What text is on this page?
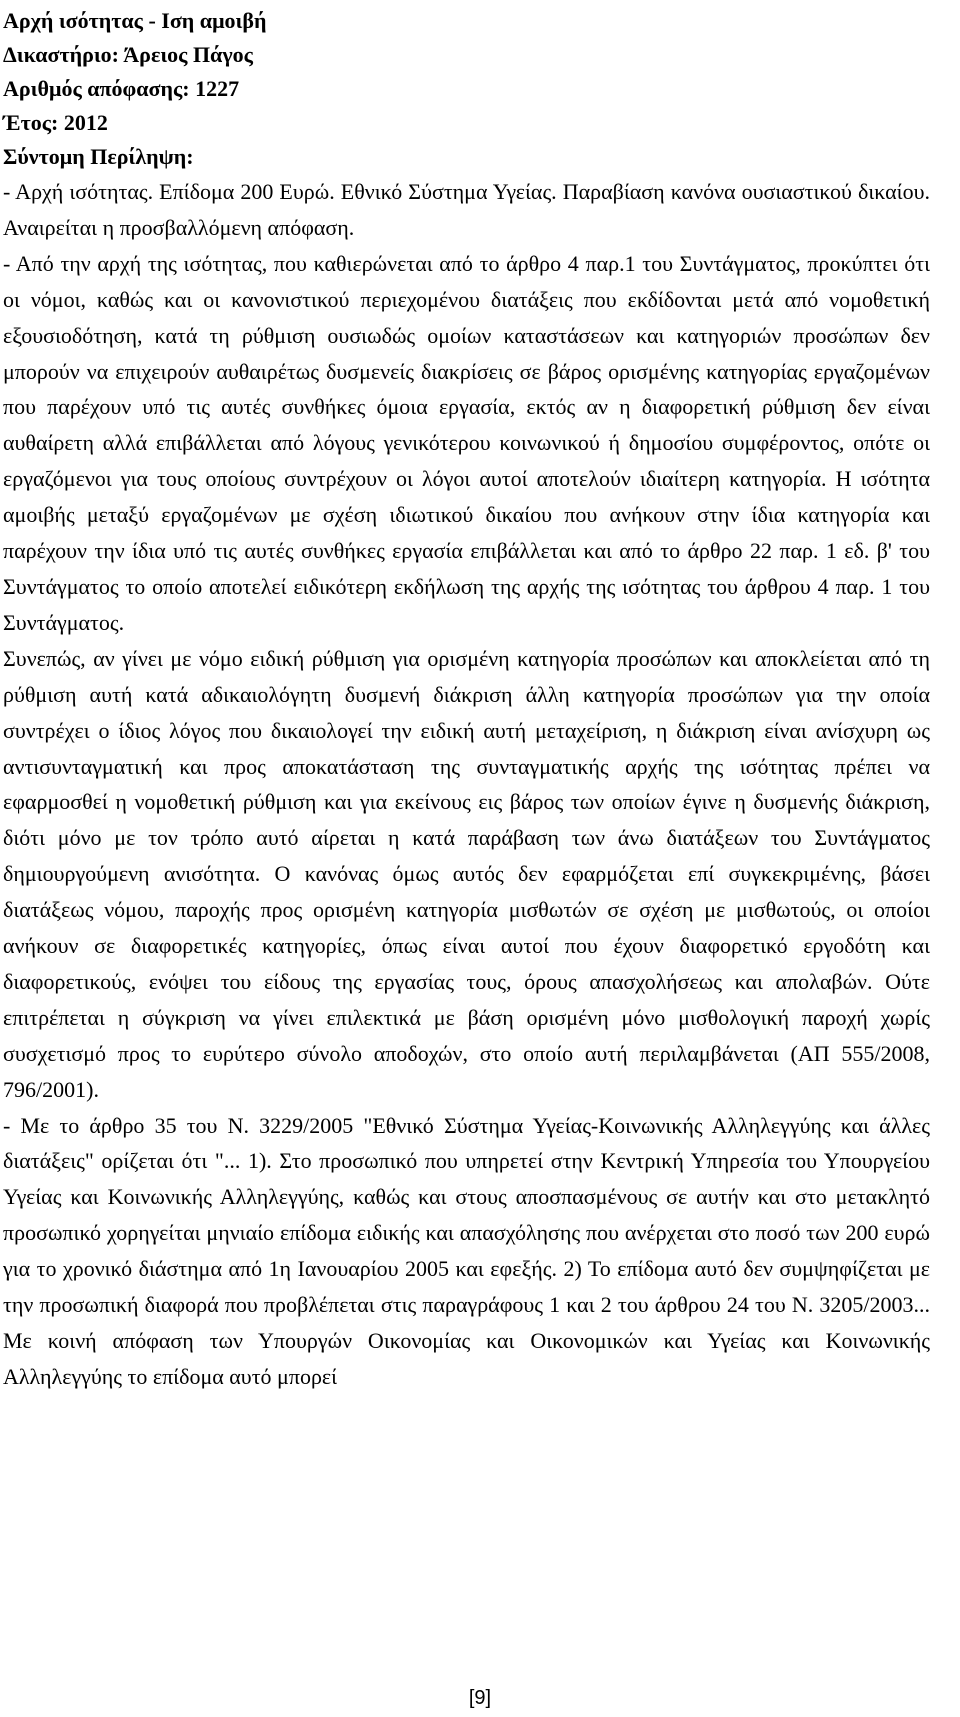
Αρχή ισότητας - Ιση αμοιβή
Δικαστήριο: Άρειος Πάγος
Αριθμός απόφασης: 1227
Έτος: 2012
Σύντομη Περίληψη:

- Αρχή ισότητας. Επίδομα 200 Ευρώ. Εθνικό Σύστημα Υγείας. Παραβίαση κανόνα ουσιαστικού δικαίου. Αναιρείται η προσβαλλόμενη απόφαση.

- Από την αρχή της ισότητας, που καθιερώνεται από το άρθρο 4 παρ.1 του Συντάγματος, προκύπτει ότι οι νόμοι, καθώς και οι κανονιστικού περιεχομένου διατάξεις που εκδίδονται μετά από νομοθετική εξουσιοδότηση, κατά τη ρύθμιση ουσιωδώς ομοίων καταστάσεων και κατηγοριών προσώπων δεν μπορούν να επιχειρούν αυθαιρέτως δυσμενείς διακρίσεις σε βάρος ορισμένης κατηγορίας εργαζομένων που παρέχουν υπό τις αυτές συνθήκες όμοια εργασία, εκτός αν η διαφορετική ρύθμιση δεν είναι αυθαίρετη αλλά επιβάλλεται από λόγους γενικότερου κοινωνικού ή δημοσίου συμφέροντος, οπότε οι εργαζόμενοι για τους οποίους συντρέχουν οι λόγοι αυτοί αποτελούν ιδιαίτερη κατηγορία. Η ισότητα αμοιβής μεταξύ εργαζομένων με σχέση ιδιωτικού δικαίου που ανήκουν στην ίδια κατηγορία και παρέχουν την ίδια υπό τις αυτές συνθήκες εργασία επιβάλλεται και από το άρθρο 22 παρ. 1 εδ. β' του Συντάγματος το οποίο αποτελεί ειδικότερη εκδήλωση της αρχής της ισότητας του άρθρου 4 παρ. 1 του Συντάγματος.

Συνεπώς, αν γίνει με νόμο ειδική ρύθμιση για ορισμένη κατηγορία προσώπων και αποκλείεται από τη ρύθμιση αυτή κατά αδικαιολόγητη δυσμενή διάκριση άλλη κατηγορία προσώπων για την οποία συντρέχει ο ίδιος λόγος που δικαιολογεί την ειδική αυτή μεταχείριση, η διάκριση είναι ανίσχυρη ως αντισυνταγματική και προς αποκατάσταση της συνταγματικής αρχής της ισότητας πρέπει να εφαρμοσθεί η νομοθετική ρύθμιση και για εκείνους εις βάρος των οποίων έγινε η δυσμενής διάκριση, διότι μόνο με τον τρόπο αυτό αίρεται η κατά παράβαση των άνω διατάξεων του Συντάγματος δημιουργούμενη ανισότητα. Ο κανόνας όμως αυτός δεν εφαρμόζεται επί συγκεκριμένης, βάσει διατάξεως νόμου, παροχής προς ορισμένη κατηγορία μισθωτών σε σχέση με μισθωτούς, οι οποίοι ανήκουν σε διαφορετικές κατηγορίες, όπως είναι αυτοί που έχουν διαφορετικό εργοδότη και διαφορετικούς, ενόψει του είδους της εργασίας τους, όρους απασχολήσεως και απολαβών. Ούτε επιτρέπεται η σύγκριση να γίνει επιλεκτικά με βάση ορισμένη μόνο μισθολογική παροχή χωρίς συσχετισμό προς το ευρύτερο σύνολο αποδοχών, στο οποίο αυτή περιλαμβάνεται (ΑΠ 555/2008, 796/2001).

- Με το άρθρο 35 του Ν. 3229/2005 "Εθνικό Σύστημα Υγείας-Κοινωνικής Αλληλεγγύης και άλλες διατάξεις" ορίζεται ότι "... 1). Στο προσωπικό που υπηρετεί στην Κεντρική Υπηρεσία του Υπουργείου Υγείας και Κοινωνικής Αλληλεγγύης, καθώς και στους αποσπασμένους σε αυτήν και στο μετακλητό προσωπικό χορηγείται μηνιαίο επίδομα ειδικής και απασχόλησης που ανέρχεται στο ποσό των 200 ευρώ για το χρονικό διάστημα από 1η Ιανουαρίου 2005 και εφεξής. 2) Το επίδομα αυτό δεν συμψηφίζεται με την προσωπική διαφορά που προβλέπεται στις παραγράφους 1 και 2 του άρθρου 24 του Ν. 3205/2003... Με κοινή απόφαση των Υπουργών Οικονομίας και Οικονομικών και Υγείας και Κοινωνικής Αλληλεγγύης το επίδομα αυτό μπορεί

[9]
